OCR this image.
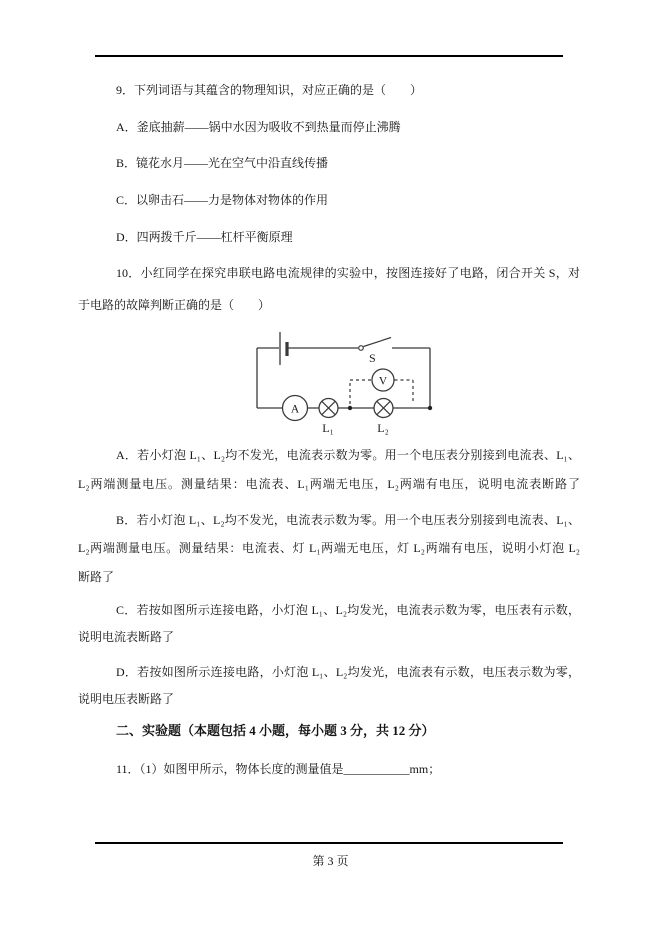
9．下列词语与其蕴含的物理知识，对应正确的是（　　）
A．釜底抽薪——锅中水因为吸收不到热量而停止沸腾
B．镜花水月——光在空气中沿直线传播
C．以卵击石——力是物体对物体的作用
D．四两拨千斤——杠杆平衡原理
10．小红同学在探究串联电路电流规律的实验中，按图连接好了电路，闭合开关 S，对
于电路的故障判断正确的是（　　）
A
V
S
L₁	L₂
A．若小灯泡 L₁、L₂均不发光，电流表示数为零。用一个电压表分别接到电流表、L₁、
L₂两端测量电压。测量结果：电流表、L₁两端无电压，L₂两端有电压，说明电流表断路了
B．若小灯泡 L₁、L₂均不发光，电流表示数为零。用一个电压表分别接到电流表、L₁、
L₂两端测量电压。测量结果：电流表、灯 L₁两端无电压，灯 L₂两端有电压，说明小灯泡 L₂
断路了
C．若按如图所示连接电路，小灯泡 L₁、L₂均发光，电流表示数为零，电压表有示数，
说明电流表断路了
D．若按如图所示连接电路，小灯泡 L₁、L₂均发光，电流表有示数，电压表示数为零，
说明电压表断路了
二、实验题（本题包括 4 小题，每小题 3 分，共 12 分）
11．（1）如图甲所示，物体长度的测量值是___________mm；
第 3 页
